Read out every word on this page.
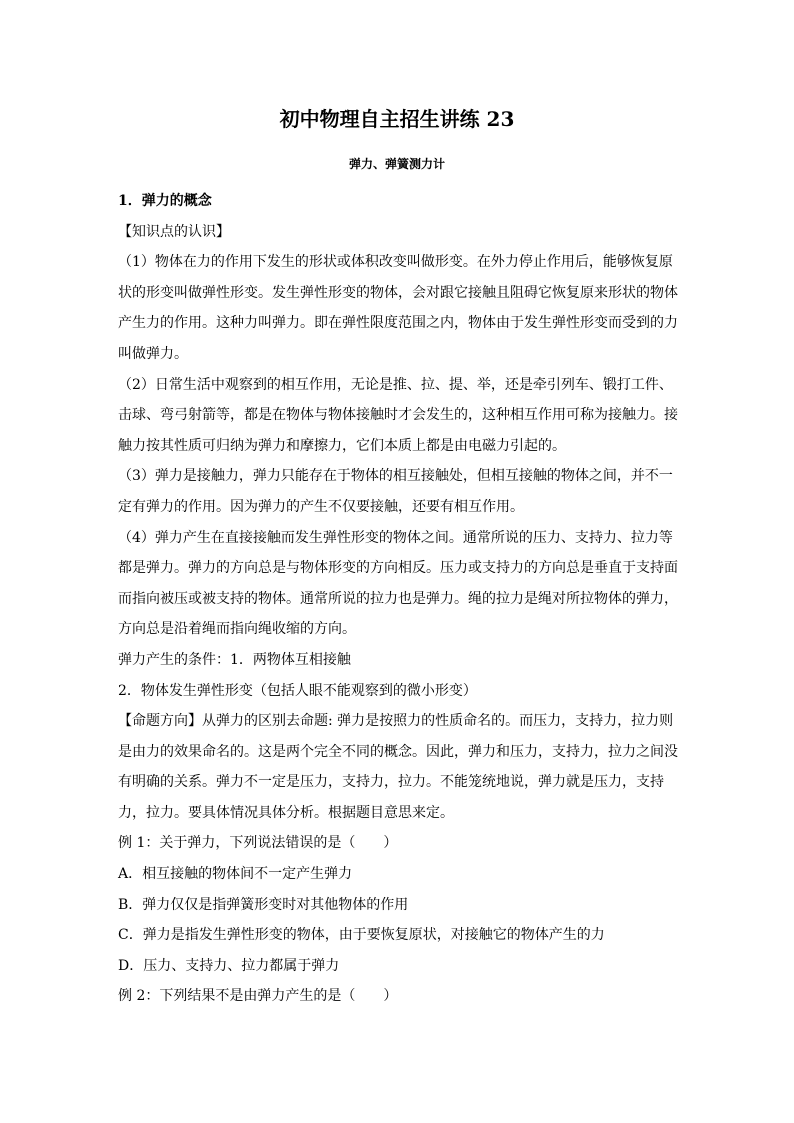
初中物理自主招生讲练 23
弹力、弹簧测力计
1．弹力的概念
【知识点的认识】

（1）物体在力的作用下发生的形状或体积改变叫做形变。在外力停止作用后，能够恢复原状的形变叫做弹性形变。发生弹性形变的物体，会对跟它接触且阻碍它恢复原来形状的物体产生力的作用。这种力叫弹力。即在弹性限度范围之内，物体由于发生弹性形变而受到的力叫做弹力。

（2）日常生活中观察到的相互作用，无论是推、拉、提、举，还是牵引列车、锻打工件、击球、弯弓射箭等，都是在物体与物体接触时才会发生的，这种相互作用可称为接触力。接触力按其性质可归纳为弹力和摩擦力，它们本质上都是由电磁力引起的。

（3）弹力是接触力，弹力只能存在于物体的相互接触处，但相互接触的物体之间，并不一定有弹力的作用。因为弹力的产生不仅要接触，还要有相互作用。

（4）弹力产生在直接接触而发生弹性形变的物体之间。通常所说的压力、支持力、拉力等都是弹力。弹力的方向总是与物体形变的方向相反。压力或支持力的方向总是垂直于支持面而指向被压或被支持的物体。通常所说的拉力也是弹力。绳的拉力是绳对所拉物体的弹力，方向总是沿着绳而指向绳收缩的方向。

弹力产生的条件：1．两物体互相接触
2．物体发生弹性形变（包括人眼不能观察到的微小形变）

【命题方向】从弹力的区别去命题: 弹力是按照力的性质命名的。而压力，支持力，拉力则是由力的效果命名的。这是两个完全不同的概念。因此，弹力和压力，支持力，拉力之间没有明确的关系。弹力不一定是压力，支持力，拉力。不能笼统地说，弹力就是压力，支持力，拉力。要具体情况具体分析。根据题目意思来定。

例 1：关于弹力，下列说法错误的是（　　）
A．相互接触的物体间不一定产生弹力
B．弹力仅仅是指弹簧形变时对其他物体的作用
C．弹力是指发生弹性形变的物体，由于要恢复原状，对接触它的物体产生的力
D．压力、支持力、拉力都属于弹力
例 2：下列结果不是由弹力产生的是（　　）
